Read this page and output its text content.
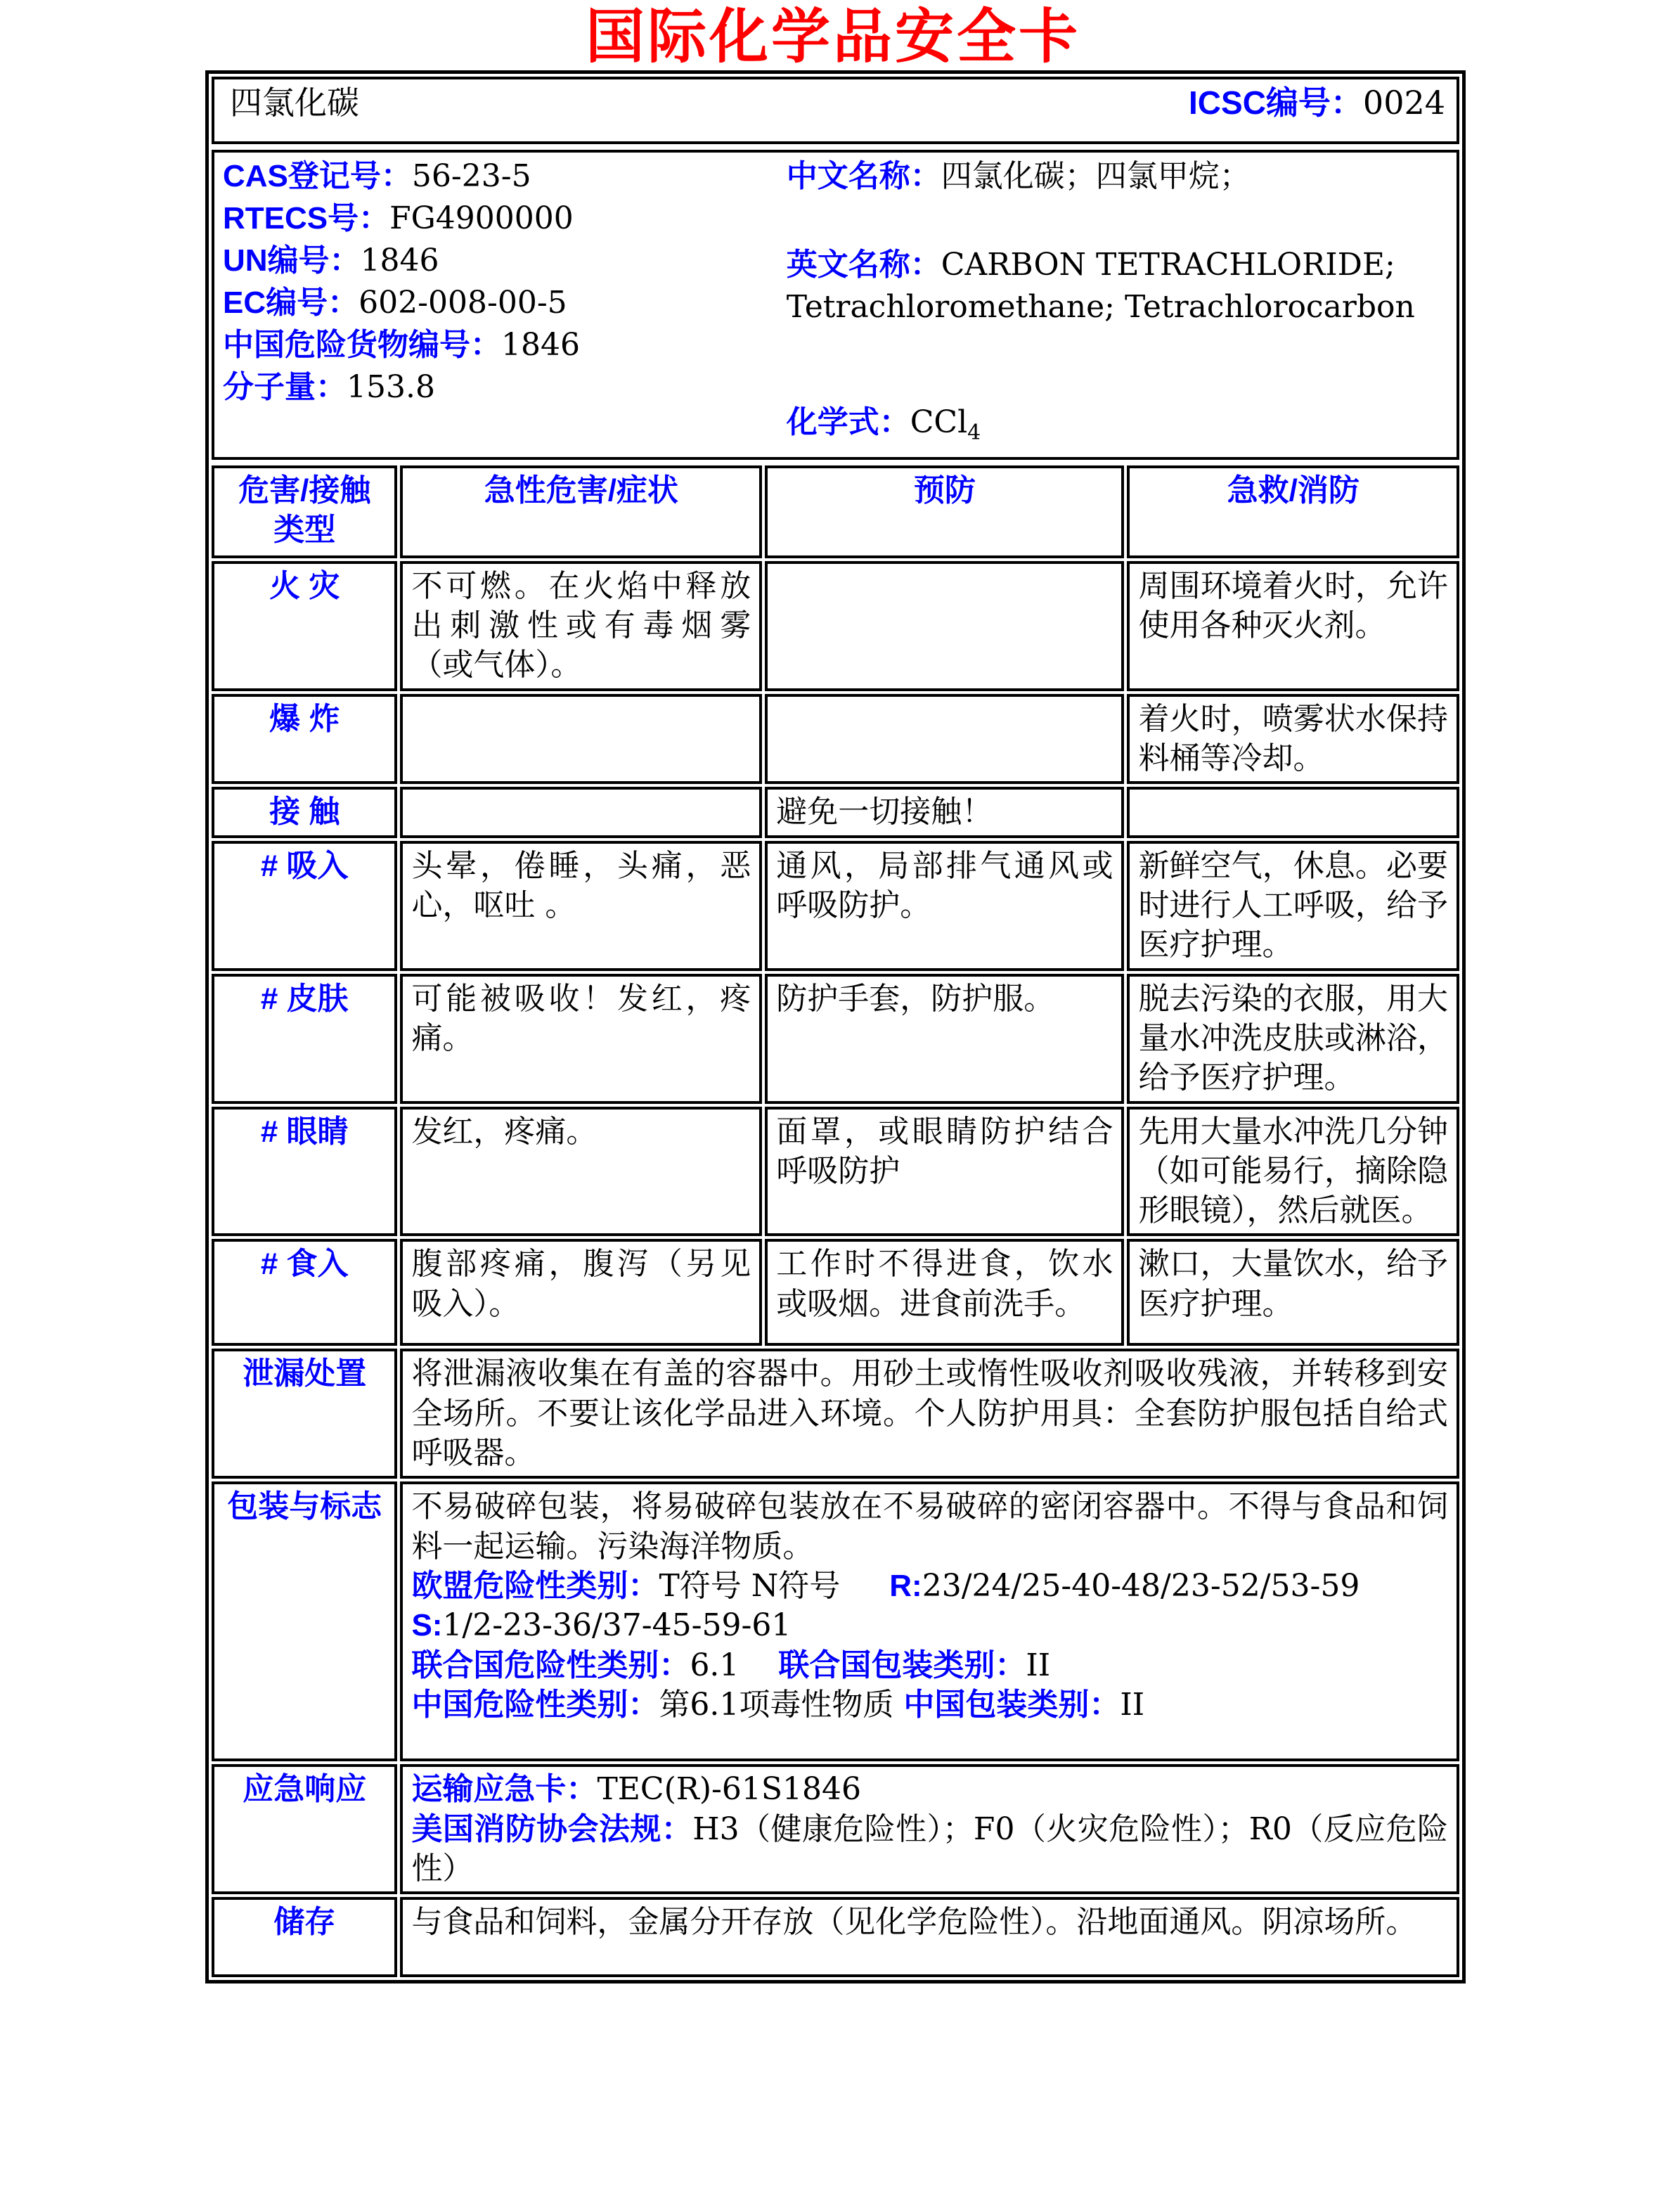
国际化学品安全卡
四氯化碳	ICSC编号：0024
CAS登记号：56-23-5
RTECS号：FG4900000
UN编号：1846
EC编号：602-008-00-5
中国危险货物编号：1846
分子量：153.8
中文名称：四氯化碳；四氯甲烷；
英文名称：CARBON TETRACHLORIDE; Tetrachloromethane; Tetrachlorocarbon
化学式：CCl$_4$
危害/接触
类型	急性危害/症状	预防	急救/消防
火 灾	不可燃。在火焰中释放出刺激性或有毒烟雾（或气体）。		周围环境着火时，允许使用各种灭火剂。
爆 炸			着火时，喷雾状水保持料桶等冷却。
接 触		避免一切接触！	
# 吸入	头晕，倦睡，头痛，恶心，呕吐 。	通风，局部排气通风或呼吸防护。	新鲜空气，休息。必要时进行人工呼吸，给予医疗护理。
# 皮肤	可能被吸收！发红，疼痛。	防护手套，防护服。	脱去污染的衣服，用大量水冲洗皮肤或淋浴，给予医疗护理。
# 眼睛	发红，疼痛。	面罩，或眼睛防护结合呼吸防护	先用大量水冲洗几分钟（如可能易行，摘除隐形眼镜），然后就医。
# 食入	腹部疼痛，腹泻（另见吸入）。	工作时不得进食，饮水或吸烟。进食前洗手。	漱口，大量饮水，给予医疗护理。
泄漏处置	将泄漏液收集在有盖的容器中。用砂土或惰性吸收剂吸收残液，并转移到安全场所。不要让该化学品进入环境。个人防护用具：全套防护服包括自给式呼吸器。		
包装与标志	不易破碎包装，将易破碎包装放在不易破碎的密闭容器中。不得与食品和饲料一起运输。污染海洋物质。
欧盟危险性类别：T符号 N符号 R:23/24/25-40-48/23-52/53-59
S:1/2-23-36/37-45-59-61
联合国危险性类别：6.1 联合国包装类别：II
中国危险性类别：第6.1项毒性物质 中国包装类别：II		

应急响应	运输应急卡：TEC(R)-61S1846
美国消防协会法规：H3（健康危险性）；F0（火灾危险性）；R0（反应危险性）		

储存	与食品和饲料，金属分开存放（见化学危险性）。沿地面通风。阴凉场所。		
